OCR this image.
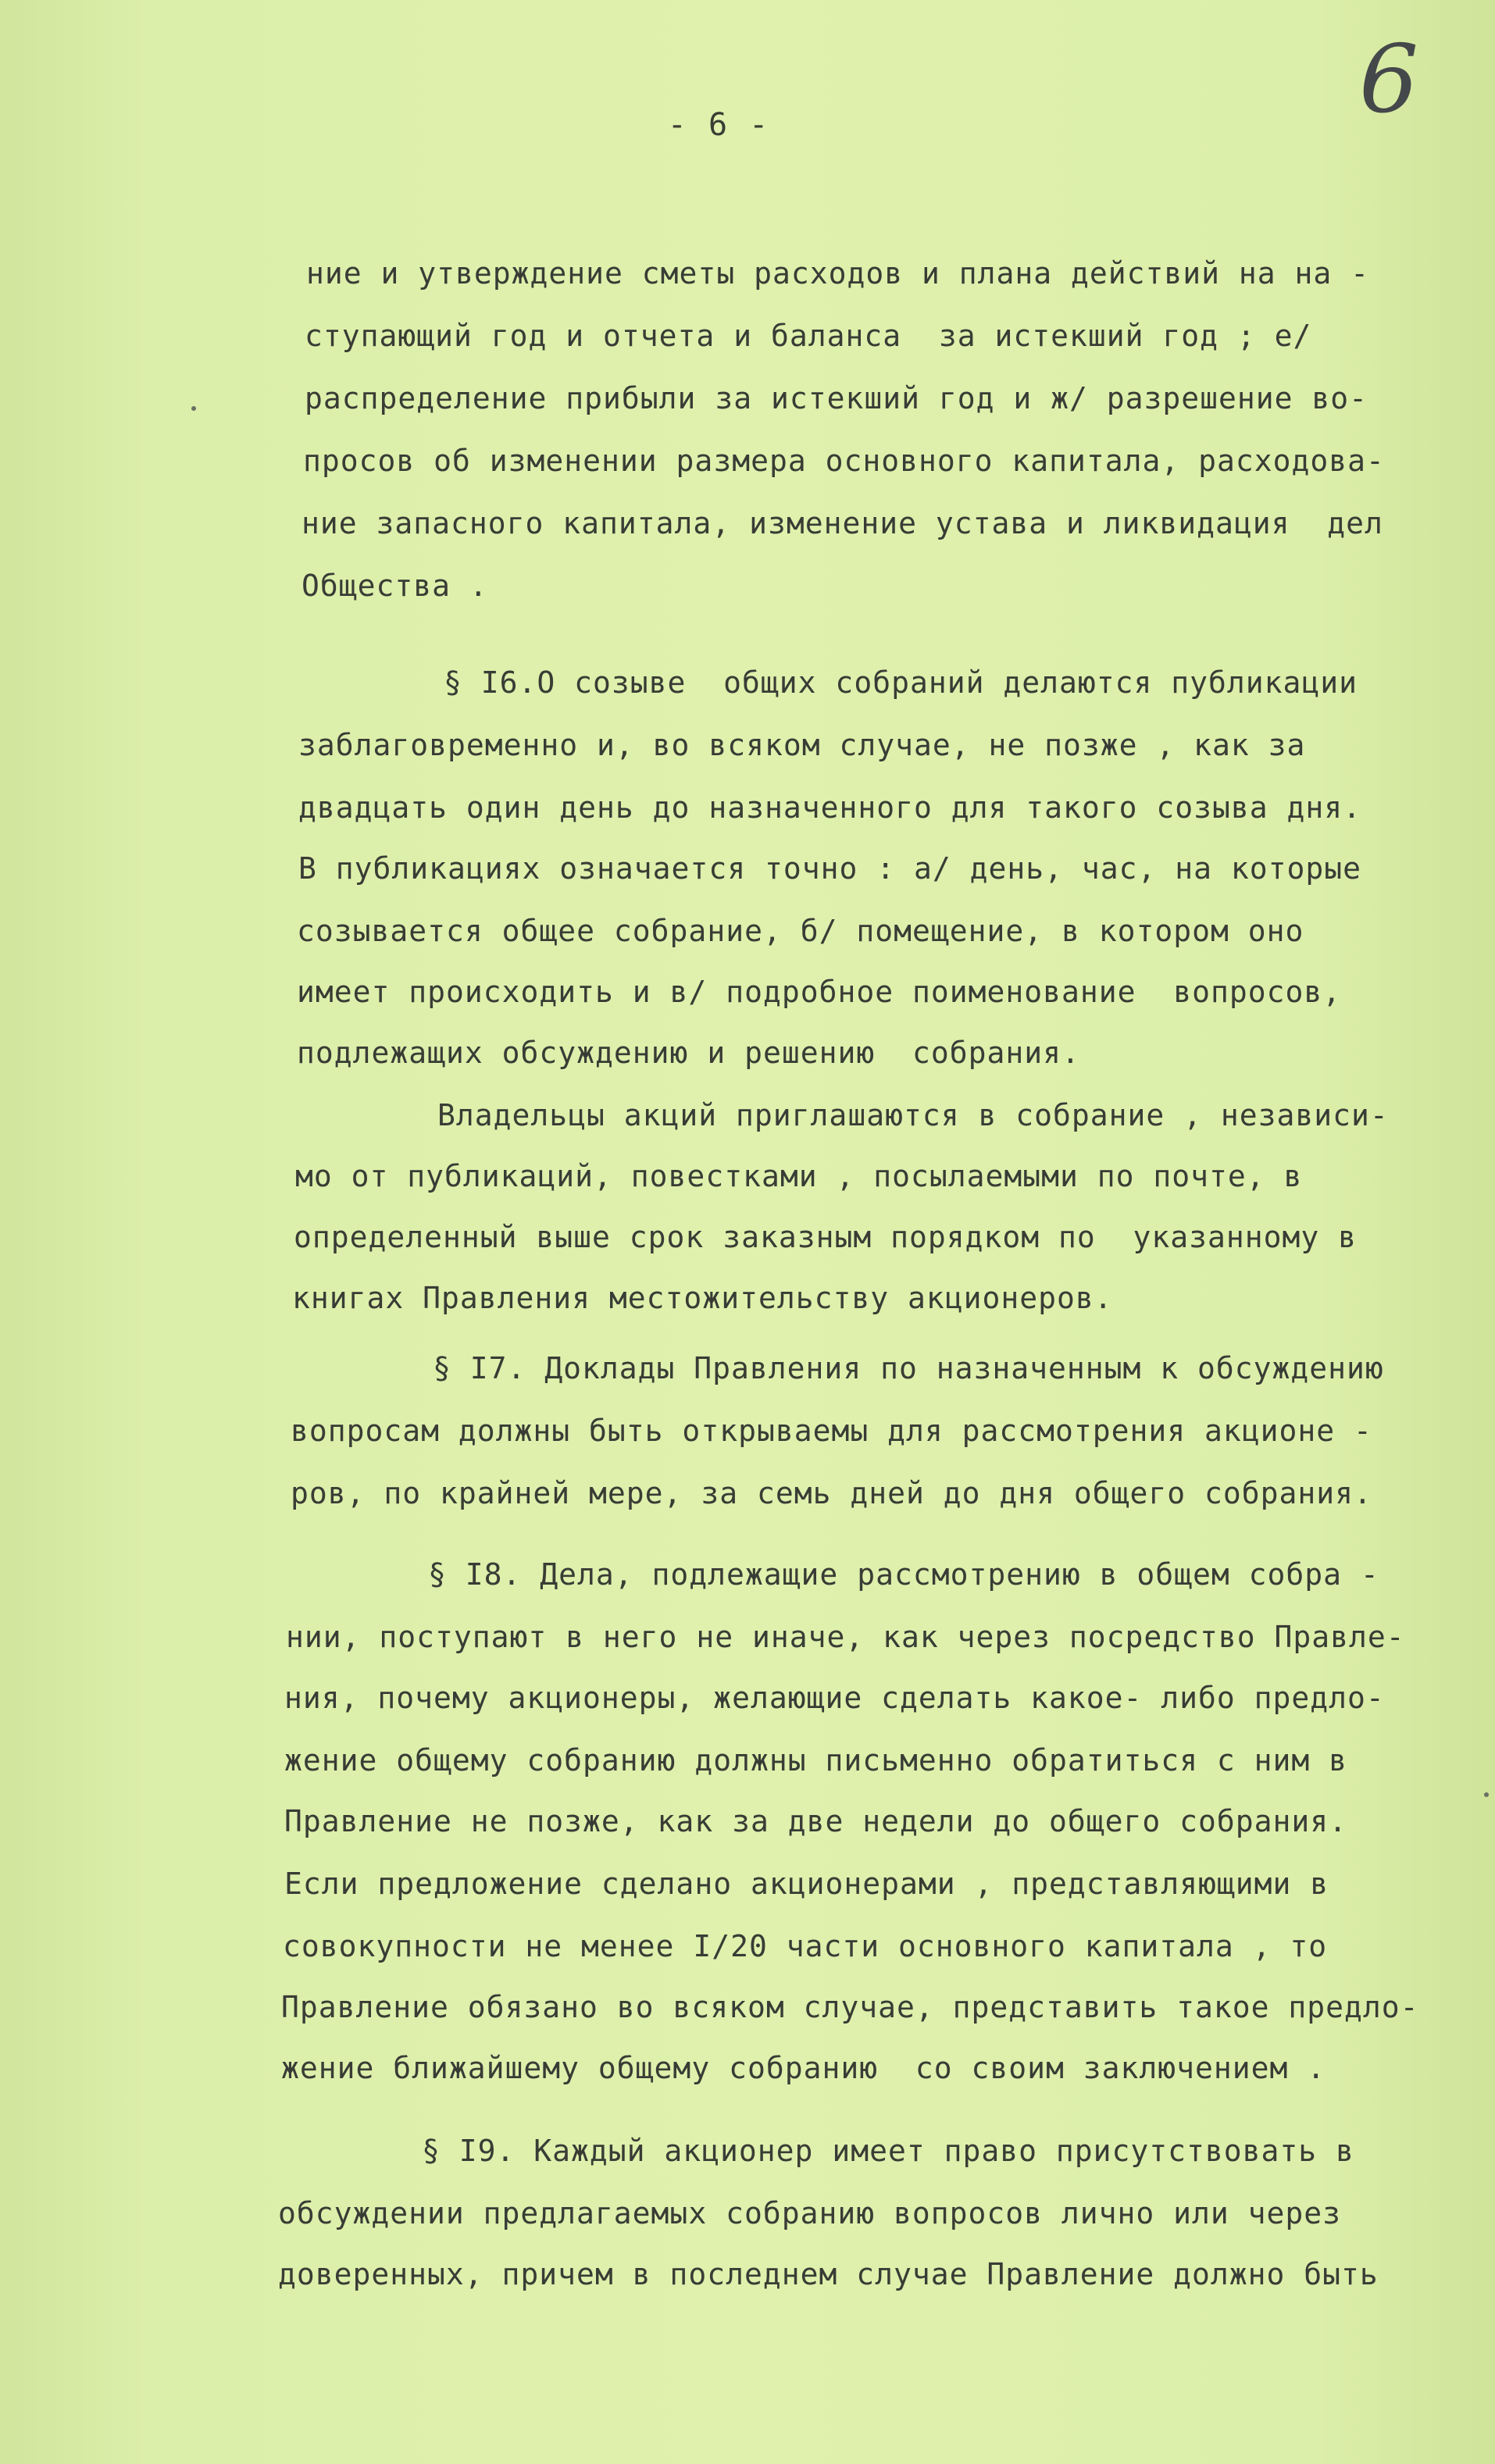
6
- 6 -
ние и утверждение сметы расходов и плана действий на на -
ступающий год и отчета и баланса  за истекший год ; е/
распределение прибыли за истекший год и ж/ разрешение во-
просов об изменении размера основного капитала, расходова-
ние запасного капитала, изменение устава и ликвидация  дел
Общества .
§ I6.О созыве  общих собраний делаются публикации
заблаговременно и, во всяком случае, не позже , как за
двадцать один день до назначенного для такого созыва дня.
В публикациях означается точно : а/ день, час, на которые
созывается общее собрание, б/ помещение, в котором оно
имеет происходить и в/ подробное поименование  вопросов,
подлежащих обсуждению и решению  собрания.
Владельцы акций приглашаются в собрание , независи-
мо от публикаций, повестками , посылаемыми по почте, в
определенный выше срок заказным порядком по  указанному в
книгах Правления местожительству акционеров.
§ I7. Доклады Правления по назначенным к обсуждению
вопросам должны быть открываемы для рассмотрения акционе -
ров, по крайней мере, за семь дней до дня общего собрания.
§ I8. Дела, подлежащие рассмотрению в общем собра -
нии, поступают в него не иначе, как через посредство Правле-
ния, почему акционеры, желающие сделать какое- либо предло-
жение общему собранию должны письменно обратиться с ним в
Правление не позже, как за две недели до общего собрания.
Если предложение сделано акционерами , представляющими в
совокупности не менее I/20 части основного капитала , то
Правление обязано во всяком случае, представить такое предло-
жение ближайшему общему собранию  со своим заключением .
§ I9. Каждый акционер имеет право присутствовать в
обсуждении предлагаемых собранию вопросов лично или через
доверенных, причем в последнем случае Правление должно быть
